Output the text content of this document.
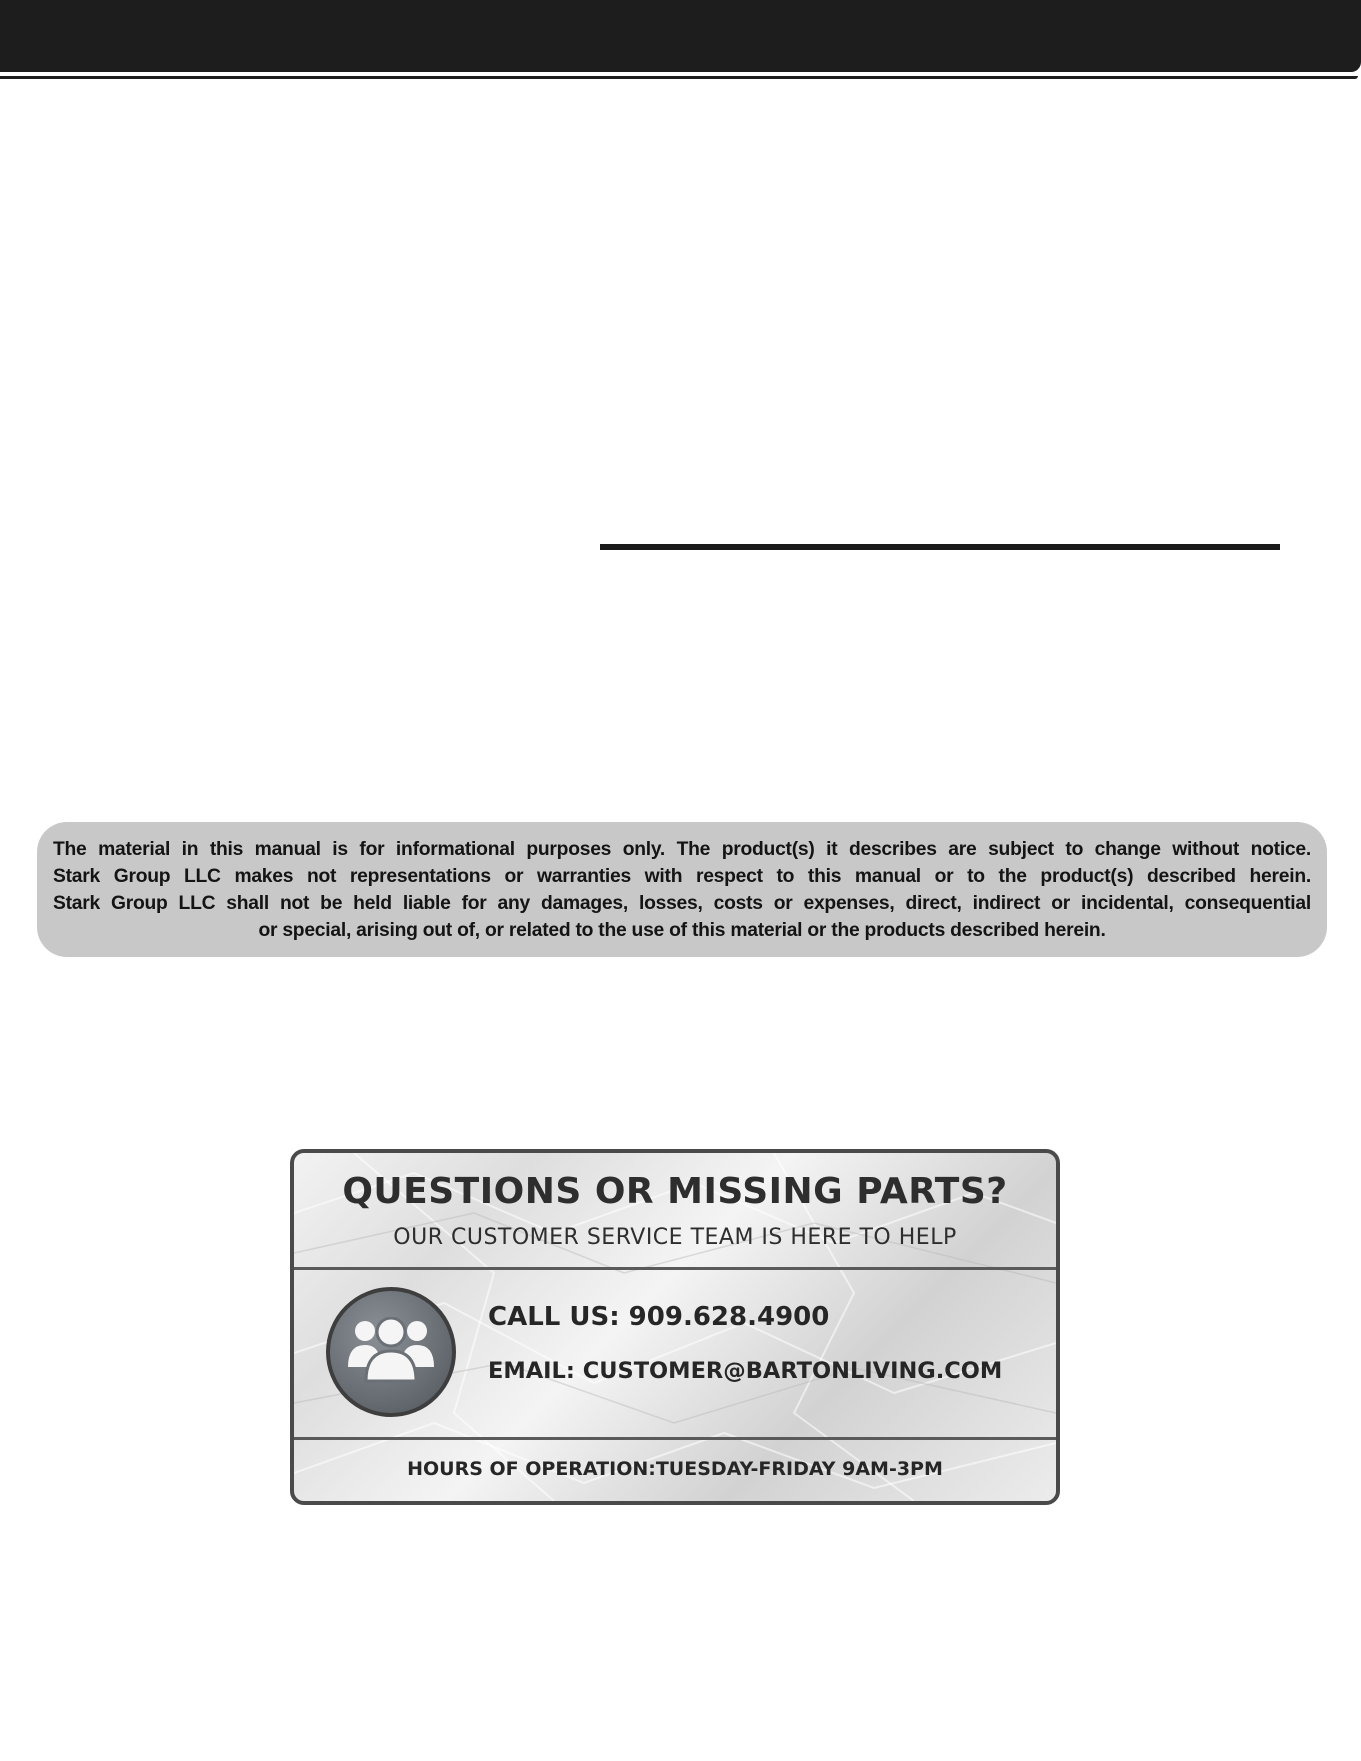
The material in this manual is for informational purposes only. The product(s) it describes are subject to change without notice.
Stark Group LLC makes not representations or warranties with respect to this manual or to the product(s) described herein.
Stark Group LLC shall not be held liable for any damages, losses, costs or expenses, direct, indirect or incidental, consequential
or special, arising out of, or related to the use of this material or the products described herein.
QUESTIONS OR MISSING PARTS?
OUR CUSTOMER SERVICE TEAM IS HERE TO HELP
CALL US: 909.628.4900
EMAIL: CUSTOMER@BARTONLIVING.COM
HOURS OF OPERATION:TUESDAY-FRIDAY 9AM-3PM
